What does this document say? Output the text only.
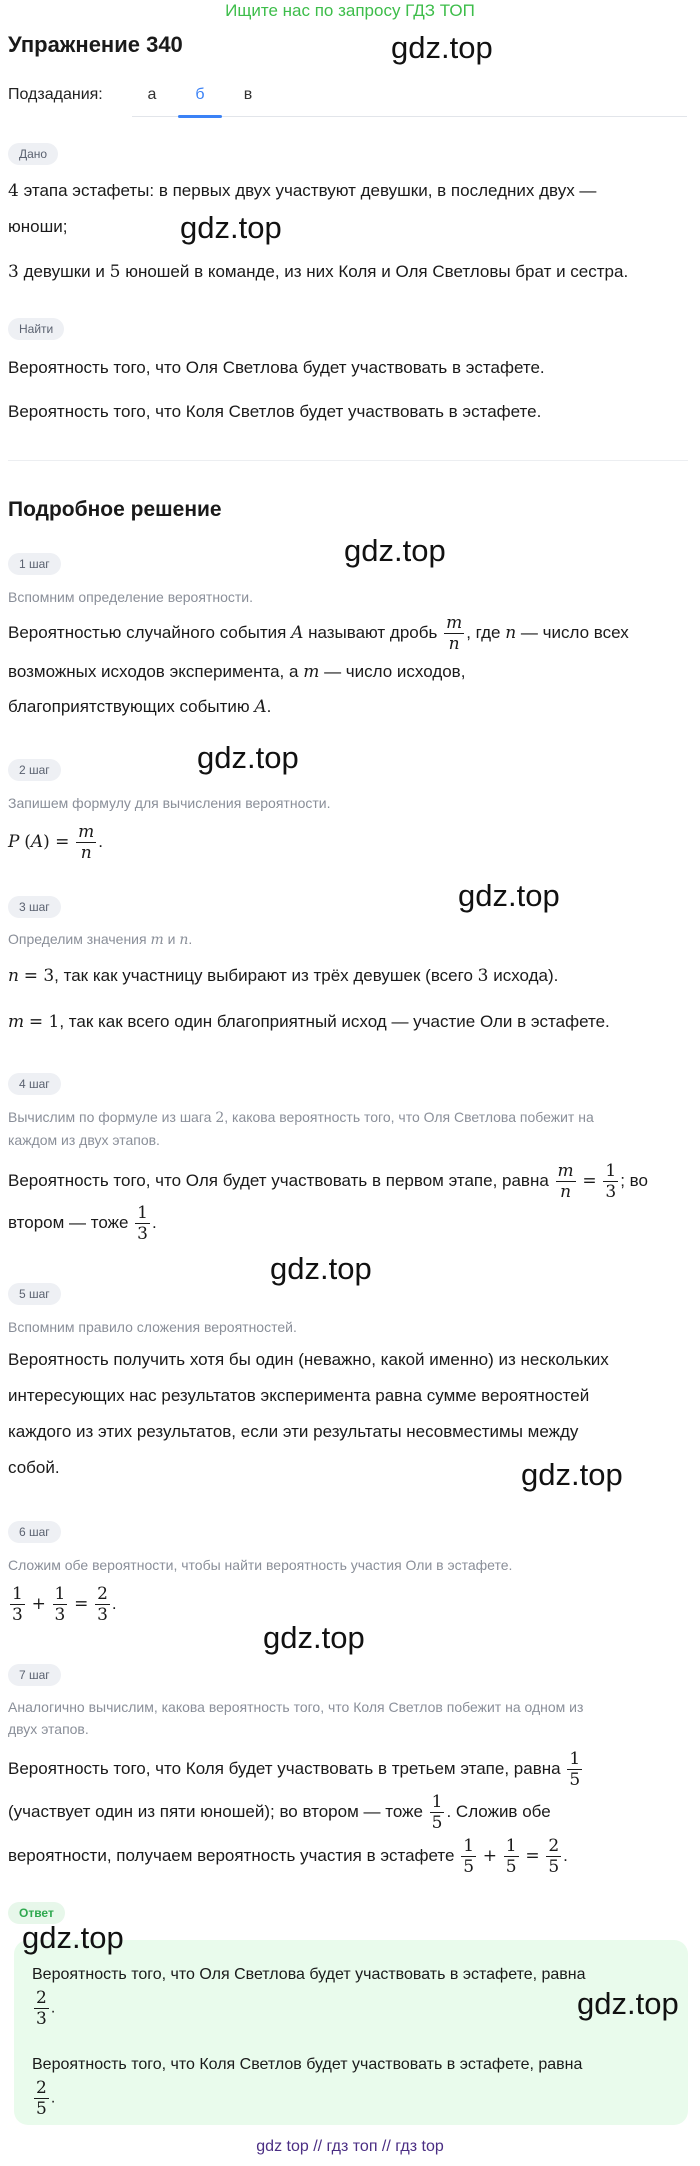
Ищите нас по запросу ГДЗ ТОП
Упражнение 340	gdz.top
Подзадания:	а	б	в
Дано
4 этапа эстафеты: в первых двух участвуют девушки, в последних двух —
юноши;	gdz.top
3 девушки и 5 юношей в команде, из них Коля и Оля Светловы брат и сестра.
Найти
Вероятность того, что Оля Светлова будет участвовать в эстафете.
Вероятность того, что Коля Светлов будет участвовать в эстафете.
Подробное решение
gdz.top
1 шаг
Вспомним определение вероятности.
Вероятностью случайного события A называют дробь $\frac{m}{n}$ , где n — число всех
возможных исходов эксперимента, а m — число исходов,
благоприятствующих событию A.
gdz.top
2 шаг
Запишем формулу для вычисления вероятности.
P $(A) = \frac{m}{n}$ .
gdz.top
3 шаг
Определим значения m и n.
n = 3, так как участницу выбирают из трёх девушек (всего 3 исхода).
m = 1, так как всего один благоприятный исход — участие Оли в эстафете.
4 шаг
Вычислим по формуле из шага 2, какова вероятность того, что Оля Светлова побежит на
каждом из двух этапов.
Вероятность того, что Оля будет участвовать в первом этапе, равна $\frac{m}{n} = \frac{1}{3}$ ; во
втором — тоже $\frac{1}{3}$ .
gdz.top
5 шаг
Вспомним правило сложения вероятностей.
Вероятность получить хотя бы один (неважно, какой именно) из нескольких
интересующих нас результатов эксперимента равна сумме вероятностей
каждого из этих результатов, если эти результаты несовместимы между
собой.	gdz.top
6 шаг
Сложим обе вероятности, чтобы найти вероятность участия Оли в эстафете.
$\frac{1}{3} + \frac{1}{3} = \frac{2}{3}$ .
gdz.top
7 шаг
Аналогично вычислим, какова вероятность того, что Коля Светлов побежит на одном из
двух этапов.
Вероятность того, что Коля будет участвовать в третьем этапе, равна $\frac{1}{5}$
(участвует один из пяти юношей); во втором — тоже $\frac{1}{5}$ . Сложив обе
вероятности, получаем вероятность участия в эстафете $\frac{1}{5} + \frac{1}{5} = \frac{2}{5}$ .
Ответ
gdz.top
Вероятность того, что Оля Светлова будет участвовать в эстафете, равна

$\frac{2}{3}$ .	gdz.top
Вероятность того, что Коля Светлов будет участвовать в эстафете, равна

$\frac{2}{5}$ .
gdz top // гдз топ // гдз top
